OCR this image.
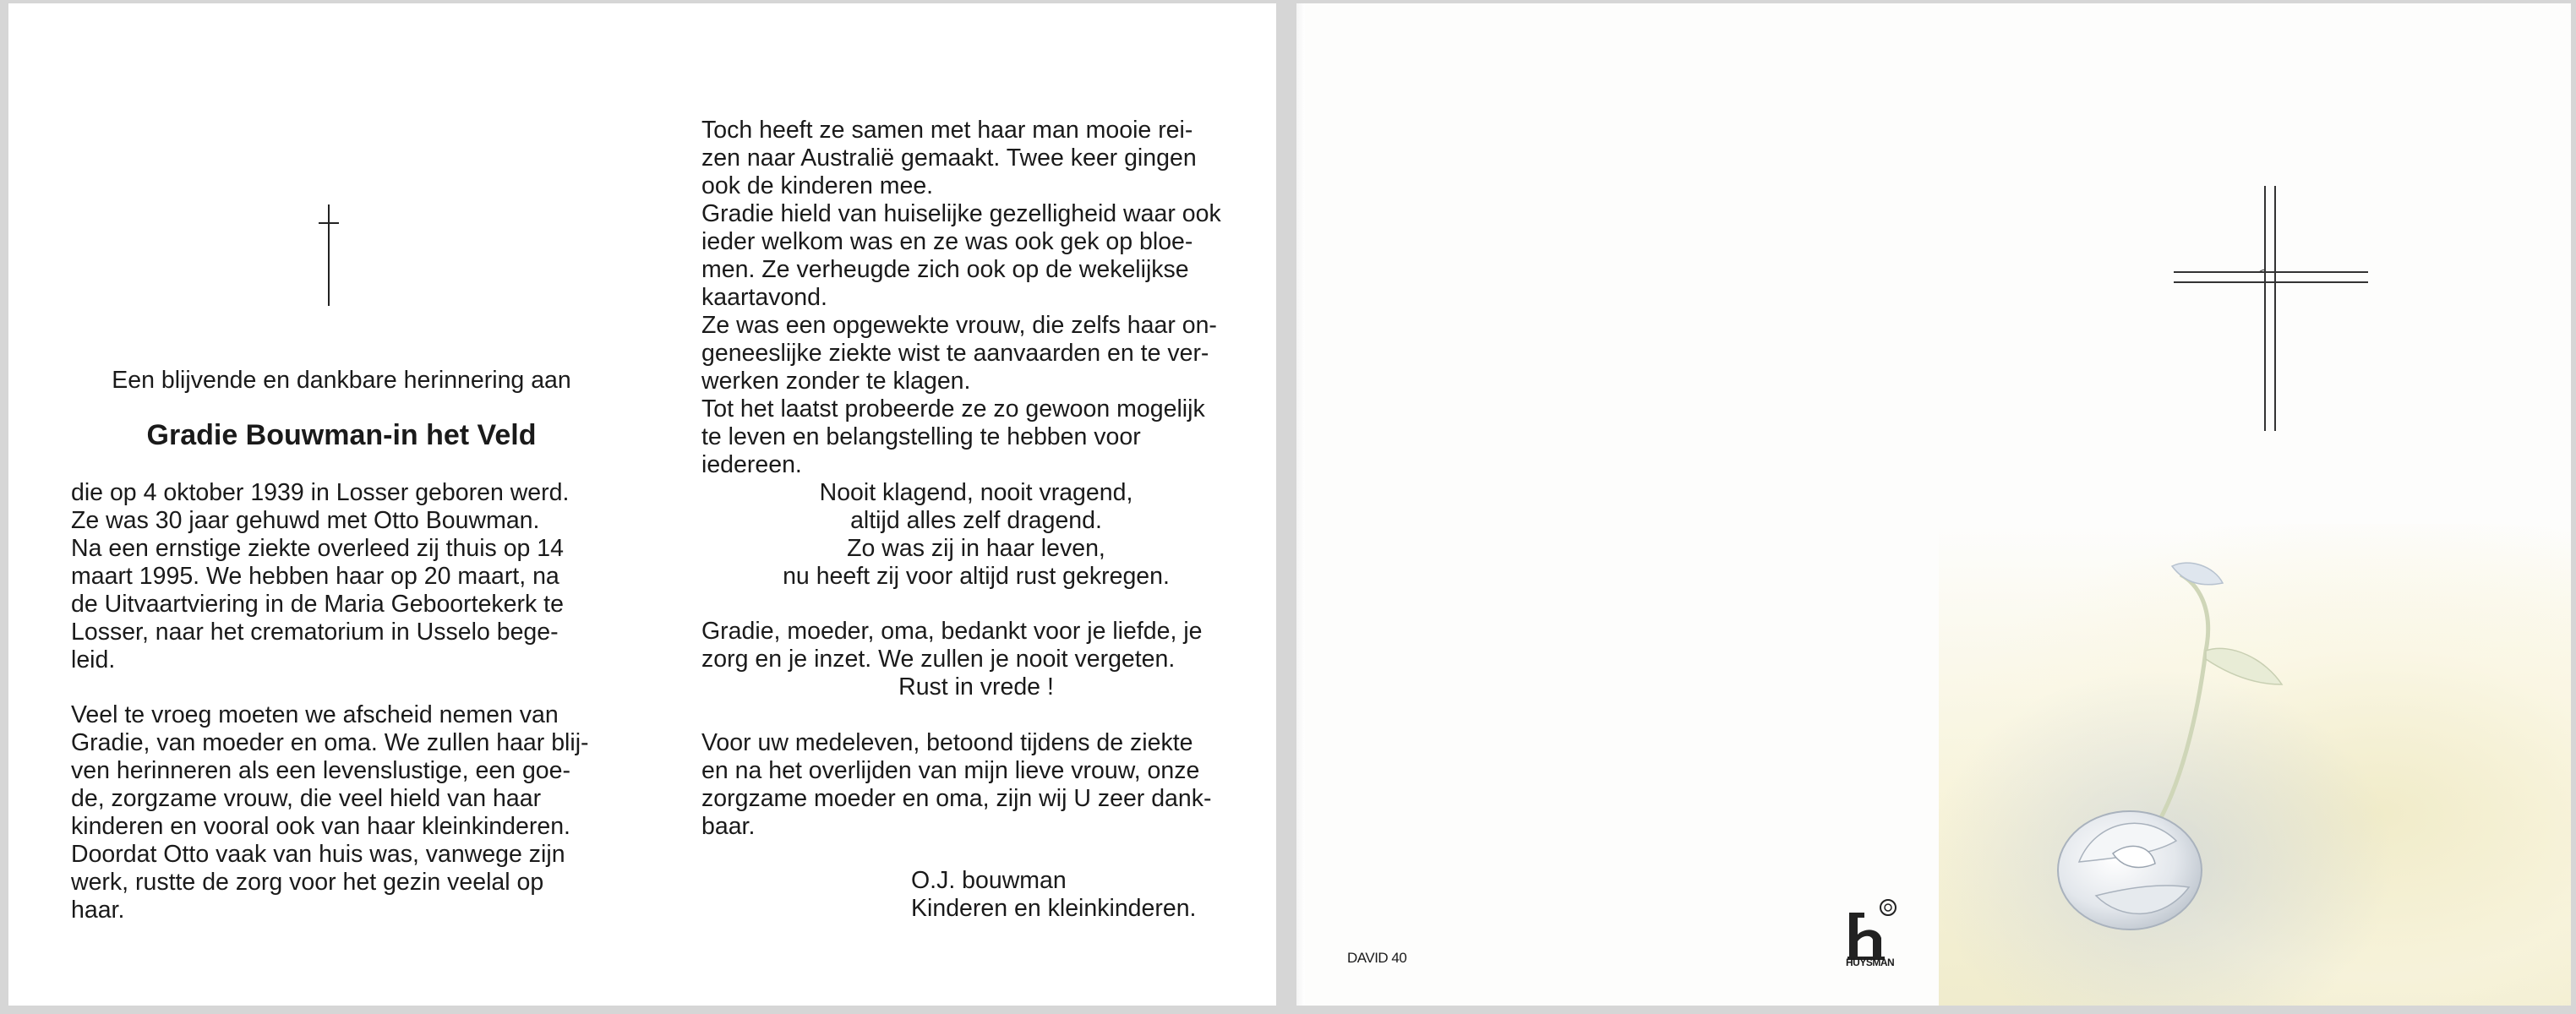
Een blijvende en dankbare herinnering aan
Gradie Bouwman-in het Veld
die op 4 oktober 1939 in Losser geboren werd.
Ze was 30 jaar gehuwd met Otto Bouwman.
Na een ernstige ziekte overleed zij thuis op 14
maart 1995. We hebben haar op 20 maart, na
de Uitvaartviering in de Maria Geboortekerk te
Losser, naar het crematorium in Usselo bege-
leid.
Veel te vroeg moeten we afscheid nemen van
Gradie, van moeder en oma. We zullen haar blij-
ven herinneren als een levenslustige, een goe-
de, zorgzame vrouw, die veel hield van haar
kinderen en vooral ook van haar kleinkinderen.
Doordat Otto vaak van huis was, vanwege zijn
werk, rustte de zorg voor het gezin veelal op
haar.
Toch heeft ze samen met haar man mooie rei-
zen naar Australië gemaakt. Twee keer gingen
ook de kinderen mee.
Gradie hield van huiselijke gezelligheid waar ook
ieder welkom was en ze was ook gek op bloe-
men. Ze verheugde zich ook op de wekelijkse
kaartavond.
Ze was een opgewekte vrouw, die zelfs haar on-
geneeslijke ziekte wist te aanvaarden en te ver-
werken zonder te klagen.
Tot het laatst probeerde ze zo gewoon mogelijk
te leven en belangstelling te hebben voor
iedereen.
Nooit klagend, nooit vragend,
altijd alles zelf dragend.
Zo was zij in haar leven,
nu heeft zij voor altijd rust gekregen.
Gradie, moeder, oma, bedankt voor je liefde, je
zorg en je inzet. We zullen je nooit vergeten.
Rust in vrede !
Voor uw medeleven, betoond tijdens de ziekte
en na het overlijden van mijn lieve vrouw, onze
zorgzame moeder en oma, zijn wij U zeer dank-
baar.
O.J. bouwman
Kinderen en kleinkinderen.
DAVID 40	HUYSMAN
